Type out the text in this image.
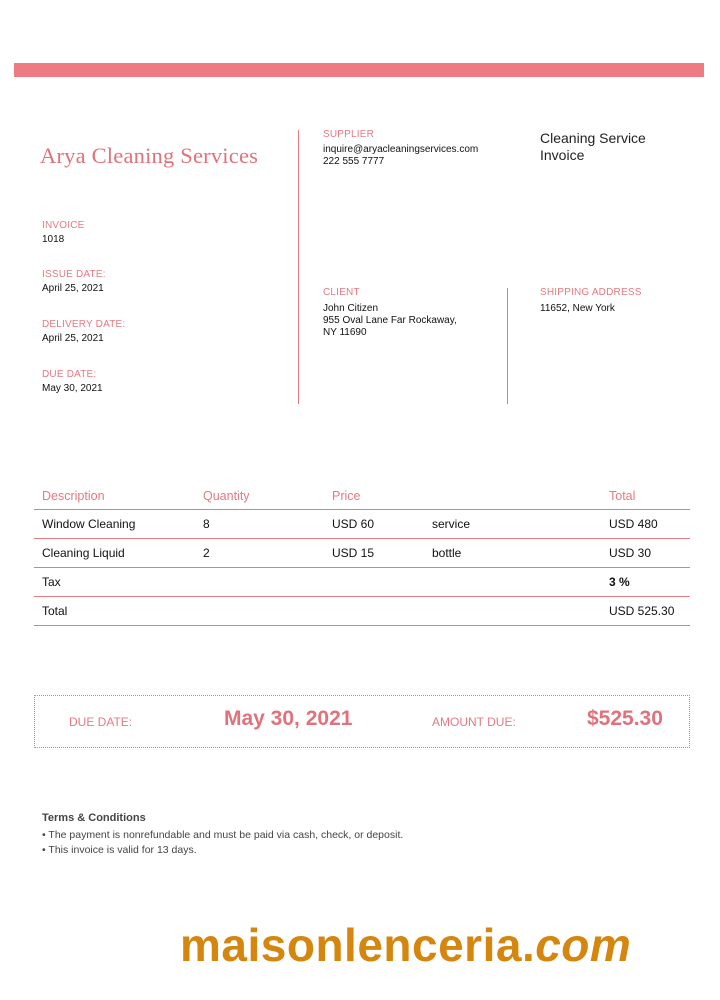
Arya Cleaning Services
INVOICE
1018
ISSUE DATE:
April 25, 2021
DELIVERY DATE:
April 25, 2021
DUE DATE:
May 30, 2021
SUPPLIER
inquire@aryacleaningservices.com
222 555 7777
Cleaning Service
Invoice
CLIENT
John Citizen
955 Oval Lane Far Rockaway,
NY 11690
SHIPPING ADDRESS
11652, New York
Description	Quantity	Price		Total
Window Cleaning	8	USD 60	service	USD 480
Cleaning Liquid	2	USD 15	bottle	USD 30
Tax				3 %
Total				USD 525.30
DUE DATE:	May 30, 2021	AMOUNT DUE:	$525.30
Terms & Conditions
• The payment is nonrefundable and must be paid via cash, check, or deposit.
• This invoice is valid for 13 days.
maisonlenceria.com
